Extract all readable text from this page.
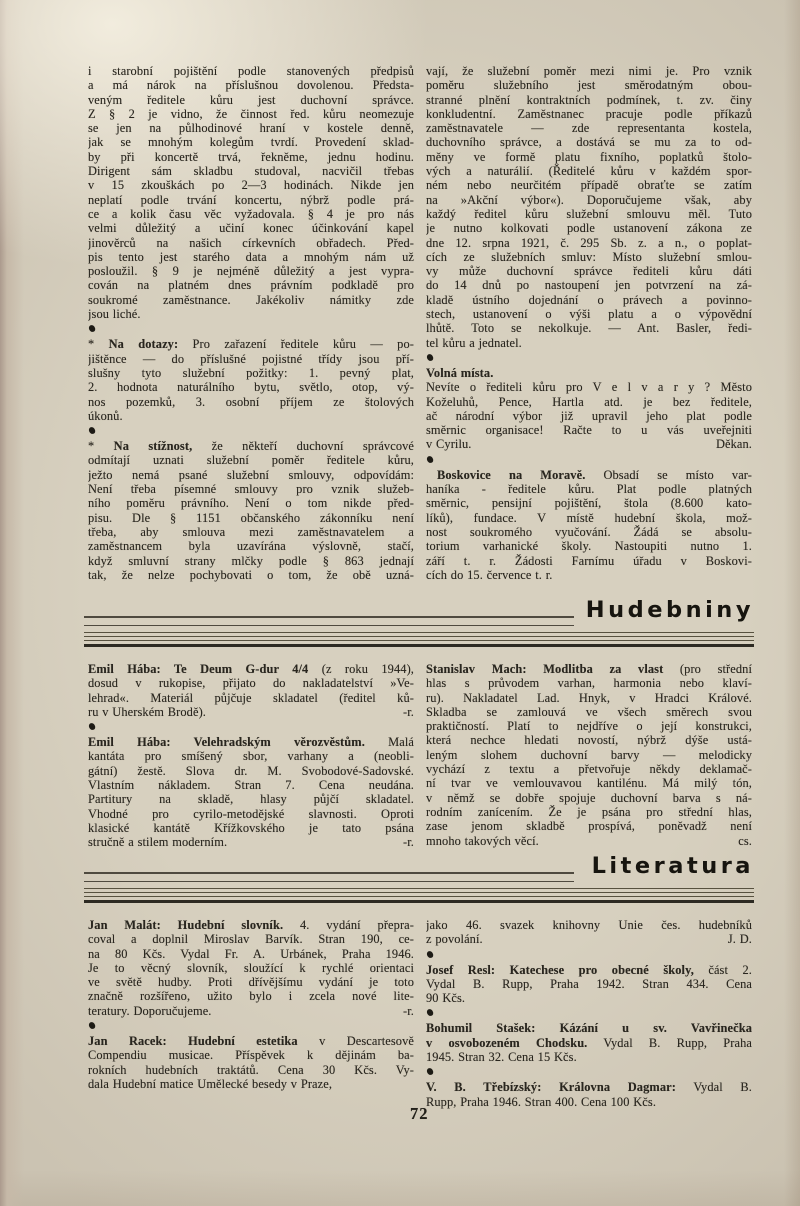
i starobní pojištění podle stanovených předpisů
a má nárok na příslušnou dovolenou. Předsta-
veným ředitele kůru jest duchovní správce.
Z § 2 je vidno, že činnost řed. kůru neomezuje
se jen na půlhodinové hraní v kostele denně,
jak se mnohým kolegům tvrdí. Provedení sklad-
by při koncertě trvá, řekněme, jednu hodinu.
Dirigent sám skladbu studoval, nacvičil třebas
v 15 zkouškách po 2—3 hodinách. Nikde jen
neplatí podle trvání koncertu, nýbrž podle prá-
ce a kolik času věc vyžadovala. § 4 je pro nás
velmi důležitý a učiní konec účinkování kapel
jinověrců na našich církevních obřadech. Před-
pis tento jest starého data a mnohým nám už
posloužil. § 9 je nejméně důležitý a jest vypra-
cován na platném dnes právním podkladě pro
soukromé zaměstnance. Jakékoliv námitky zde
jsou liché.
* Na dotazy: Pro zařazení ředitele kůru — po-
jištěnce — do příslušné pojistné třídy jsou pří-
slušny tyto služební požitky: 1. pevný plat,
2. hodnota naturálního bytu, světlo, otop, vý-
nos pozemků, 3. osobní příjem ze štolových
úkonů.
* Na stížnost, že někteří duchovní správcové
odmítají uznati služební poměr ředitele kůru,
ježto nemá psané služební smlouvy, odpovídám:
Není třeba písemné smlouvy pro vznik služeb-
ního poměru právního. Není o tom nikde před-
pisu. Dle § 1151 občanského zákonníku není
třeba, aby smlouva mezi zaměstnavatelem a
zaměstnancem byla uzavírána výslovně, stačí,
když smluvní strany mlčky podle § 863 jednají
tak, že nelze pochybovati o tom, že obě uzná-
vají, že služební poměr mezi nimi je. Pro vznik
poměru služebního jest směrodatným obou-
stranné plnění kontraktních podmínek, t. zv. činy
konkludentní. Zaměstnanec pracuje podle příkazů
zaměstnavatele — zde representanta kostela,
duchovního správce, a dostává se mu za to od-
měny ve formě platu fixního, poplatků štolo-
vých a naturálií. (Ředitelé kůru v každém spor-
ném nebo neurčitém případě obraťte se zatím
na »Akční výbor«). Doporučujeme však, aby
každý ředitel kůru služební smlouvu měl. Tuto
je nutno kolkovati podle ustanovení zákona ze
dne 12. srpna 1921, č. 295 Sb. z. a n., o poplat-
cích ze služebních smluv: Místo služební smlou-
vy může duchovní správce řediteli kůru dáti
do 14 dnů po nastoupení jen potvrzení na zá-
kladě ústního dojednání o právech a povinno-
stech, ustanovení o výši platu a o výpovědní
lhůtě. Toto se nekolkuje. — Ant. Basler, ředi-
tel kůru a jednatel.
Volná místa.
Nevíte o řediteli kůru pro V e l v a r y ? Město
Koželuhů, Pence, Hartla atd. je bez ředitele,
ač národní výbor již upravil jeho plat podle
směrnic organisace! Račte to u vás uveřejniti
Děkan.
v Cyrilu.
Boskovice na Moravě. Obsadí se místo var-
haníka - ředitele kůru. Plat podle platných
směrnic, pensijní pojištění, štola (8.600 kato-
líků), fundace. V místě hudební škola, mož-
nost soukromého vyučování. Žádá se absolu-
torium varhanické školy. Nastoupiti nutno 1.
září t. r. Žádosti Farnímu úřadu v Boskovi-
cích do 15. července t. r.
Hudebniny
Emil Hába: Te Deum G-dur 4/4 (z roku 1944),
dosud v rukopise, přijato do nakladatelství »Ve-
lehrad«. Materiál půjčuje skladatel (ředitel ků-
-r.
ru v Uherském Brodě).
Emil Hába: Velehradským věrozvěstům. Malá
kantáta pro smíšený sbor, varhany a (neobli-
gátní) žestě. Slova dr. M. Svobodové-Sadovské.
Vlastním nákladem. Stran 7. Cena neudána.
Partitury na skladě, hlasy půjčí skladatel.
Vhodné pro cyrilo-metodějské slavnosti. Oproti
klasické kantátě Křížkovského je tato psána
-r.
stručně a stilem moderním.
Stanislav Mach: Modlitba za vlast (pro střední
hlas s průvodem varhan, harmonia nebo klaví-
ru). Nakladatel Lad. Hnyk, v Hradci Králové.
Skladba se zamlouvá ve všech směrech svou
praktičností. Platí to nejdříve o její konstrukci,
která nechce hledati novostí, nýbrž dýše ustá-
leným slohem duchovní barvy — melodicky
vychází z textu a přetvořuje někdy deklamač-
ní tvar ve vemlouvavou kantilénu. Má milý tón,
v němž se dobře spojuje duchovní barva s ná-
rodním zanícením. Že je psána pro střední hlas,
zase jenom skladbě prospívá, poněvadž není
cs.
mnoho takových věcí.
Literatura
Jan Malát: Hudební slovník. 4. vydání přepra-
coval a doplnil Miroslav Barvík. Stran 190, ce-
na 80 Kčs. Vydal Fr. A. Urbánek, Praha 1946.
Je to věcný slovník, sloužící k rychlé orientaci
ve světě hudby. Proti dřívějšímu vydání je toto
značně rozšířeno, užito bylo i zcela nové lite-
-r.
teratury. Doporučujeme.
Jan Racek: Hudební estetika v Descartesově
Compendiu musicae. Příspěvek k dějinám ba-
rokních hudebních traktátů. Cena 30 Kčs. Vy-
dala Hudební matice Umělecké besedy v Praze,
jako 46. svazek knihovny Unie čes. hudebníků
J. D.
z povolání.
Josef Resl: Katechese pro obecné školy, část 2.
Vydal B. Rupp, Praha 1942. Stran 434. Cena
90 Kčs.
Bohumil Stašek: Kázání u sv. Vavřinečka
v osvobozeném Chodsku. Vydal B. Rupp, Praha
1945. Stran 32. Cena 15 Kčs.
V. B. Třebízský: Královna Dagmar: Vydal B.
Rupp, Praha 1946. Stran 400. Cena 100 Kčs.
72
